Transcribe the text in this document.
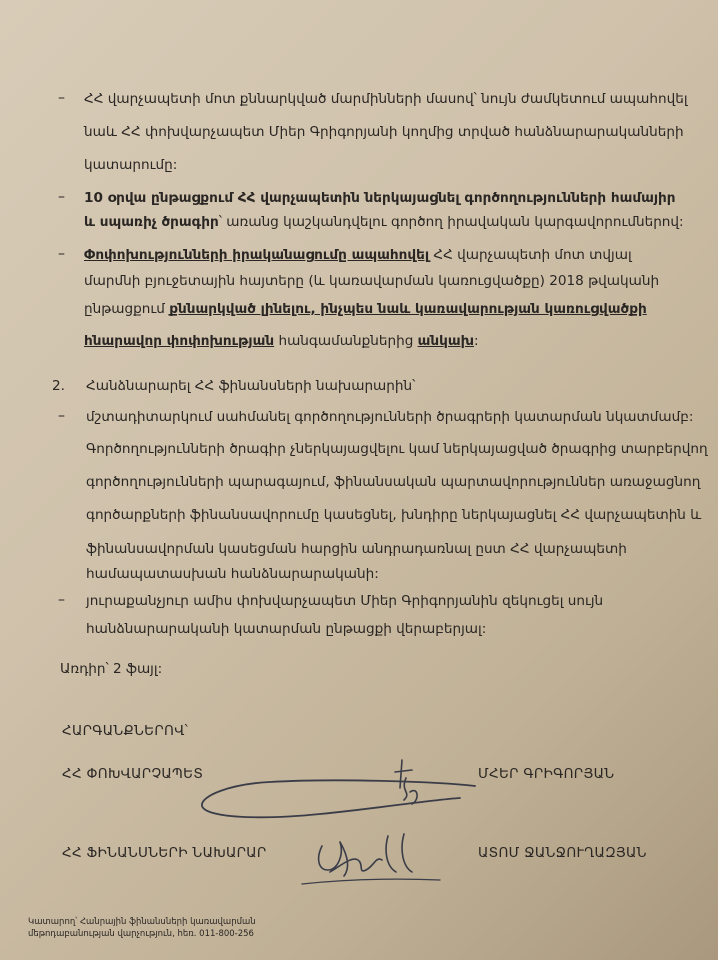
– ՀՀ վարչապետի մոտ քննարկված մարմինների մասով՝ նույն ժամկետում ապահովել
նաև ՀՀ փոխվարչապետ Միեր Գրիգորյանի կողմից տրված հանձնարարականների
կատարումը:
– 10 օրվա ընթացքում ՀՀ վարչապետին ներկայացնել գործողությունների համայիր
և սպառիչ ծրագիր՝ առանց կաշկանդվելու գործող իրավական կարգավորումներով:
– Փոփոխությունների իրականացումը ապահովել ՀՀ վարչապետի մոտ տվյալ
մարմնի բյուջետային հայտերը (և կառավարման կառուցվածքը) 2018 թվականի
ընթացքում քննարկված լինելու, ինչպես նաև կառավարության կառուցվածքի
հնարավոր փոփոխության հանգամանքներից անկախ:
2. Հանձնարարել ՀՀ ֆինանսների նախարարին՝
– մշտադիտարկում սահմանել գործողությունների ծրագրերի կատարման նկատմամբ:
Գործողությունների ծրագիր չներկայացվելու կամ ներկայացված ծրագրից տարբերվող
գործողությունների պարագայում, ֆինանսական պարտավորություններ առաջացնող
գործարքների ֆինանսավորումը կասեցնել, խնդիրը ներկայացնել ՀՀ վարչապետին և
ֆինանսավորման կասեցման հարցին անդրադառնալ ըստ ՀՀ վարչապետի
համապատասխան հանձնարարականի:
– յուրաքանչյուր ամիս փոխվարչապետ Միեր Գրիգորյանին զեկուցել սույն
հանձնարարականի կատարման ընթացքի վերաբերյալ:
Առդիր՝ 2 ֆայլ:
ՀԱՐԳԱՆՔՆԵՐՈՎ՝
ՀՀ ՓՈԽՎԱՐՉԱՊԵՏ	ՄՀԵՐ ԳՐԻԳՈՐՅԱՆ
ՀՀ ՖԻՆԱՆՍՆԵՐԻ ՆԱԽԱՐԱՐ	ԱՏՈՄ ՋԱՆՋՈՒՂԱԶՅԱՆ
Կատարող՝ Հանրային ֆինանսների կառավարման
մեթոդաբանության վարչություն, հեռ. 011-800-256
